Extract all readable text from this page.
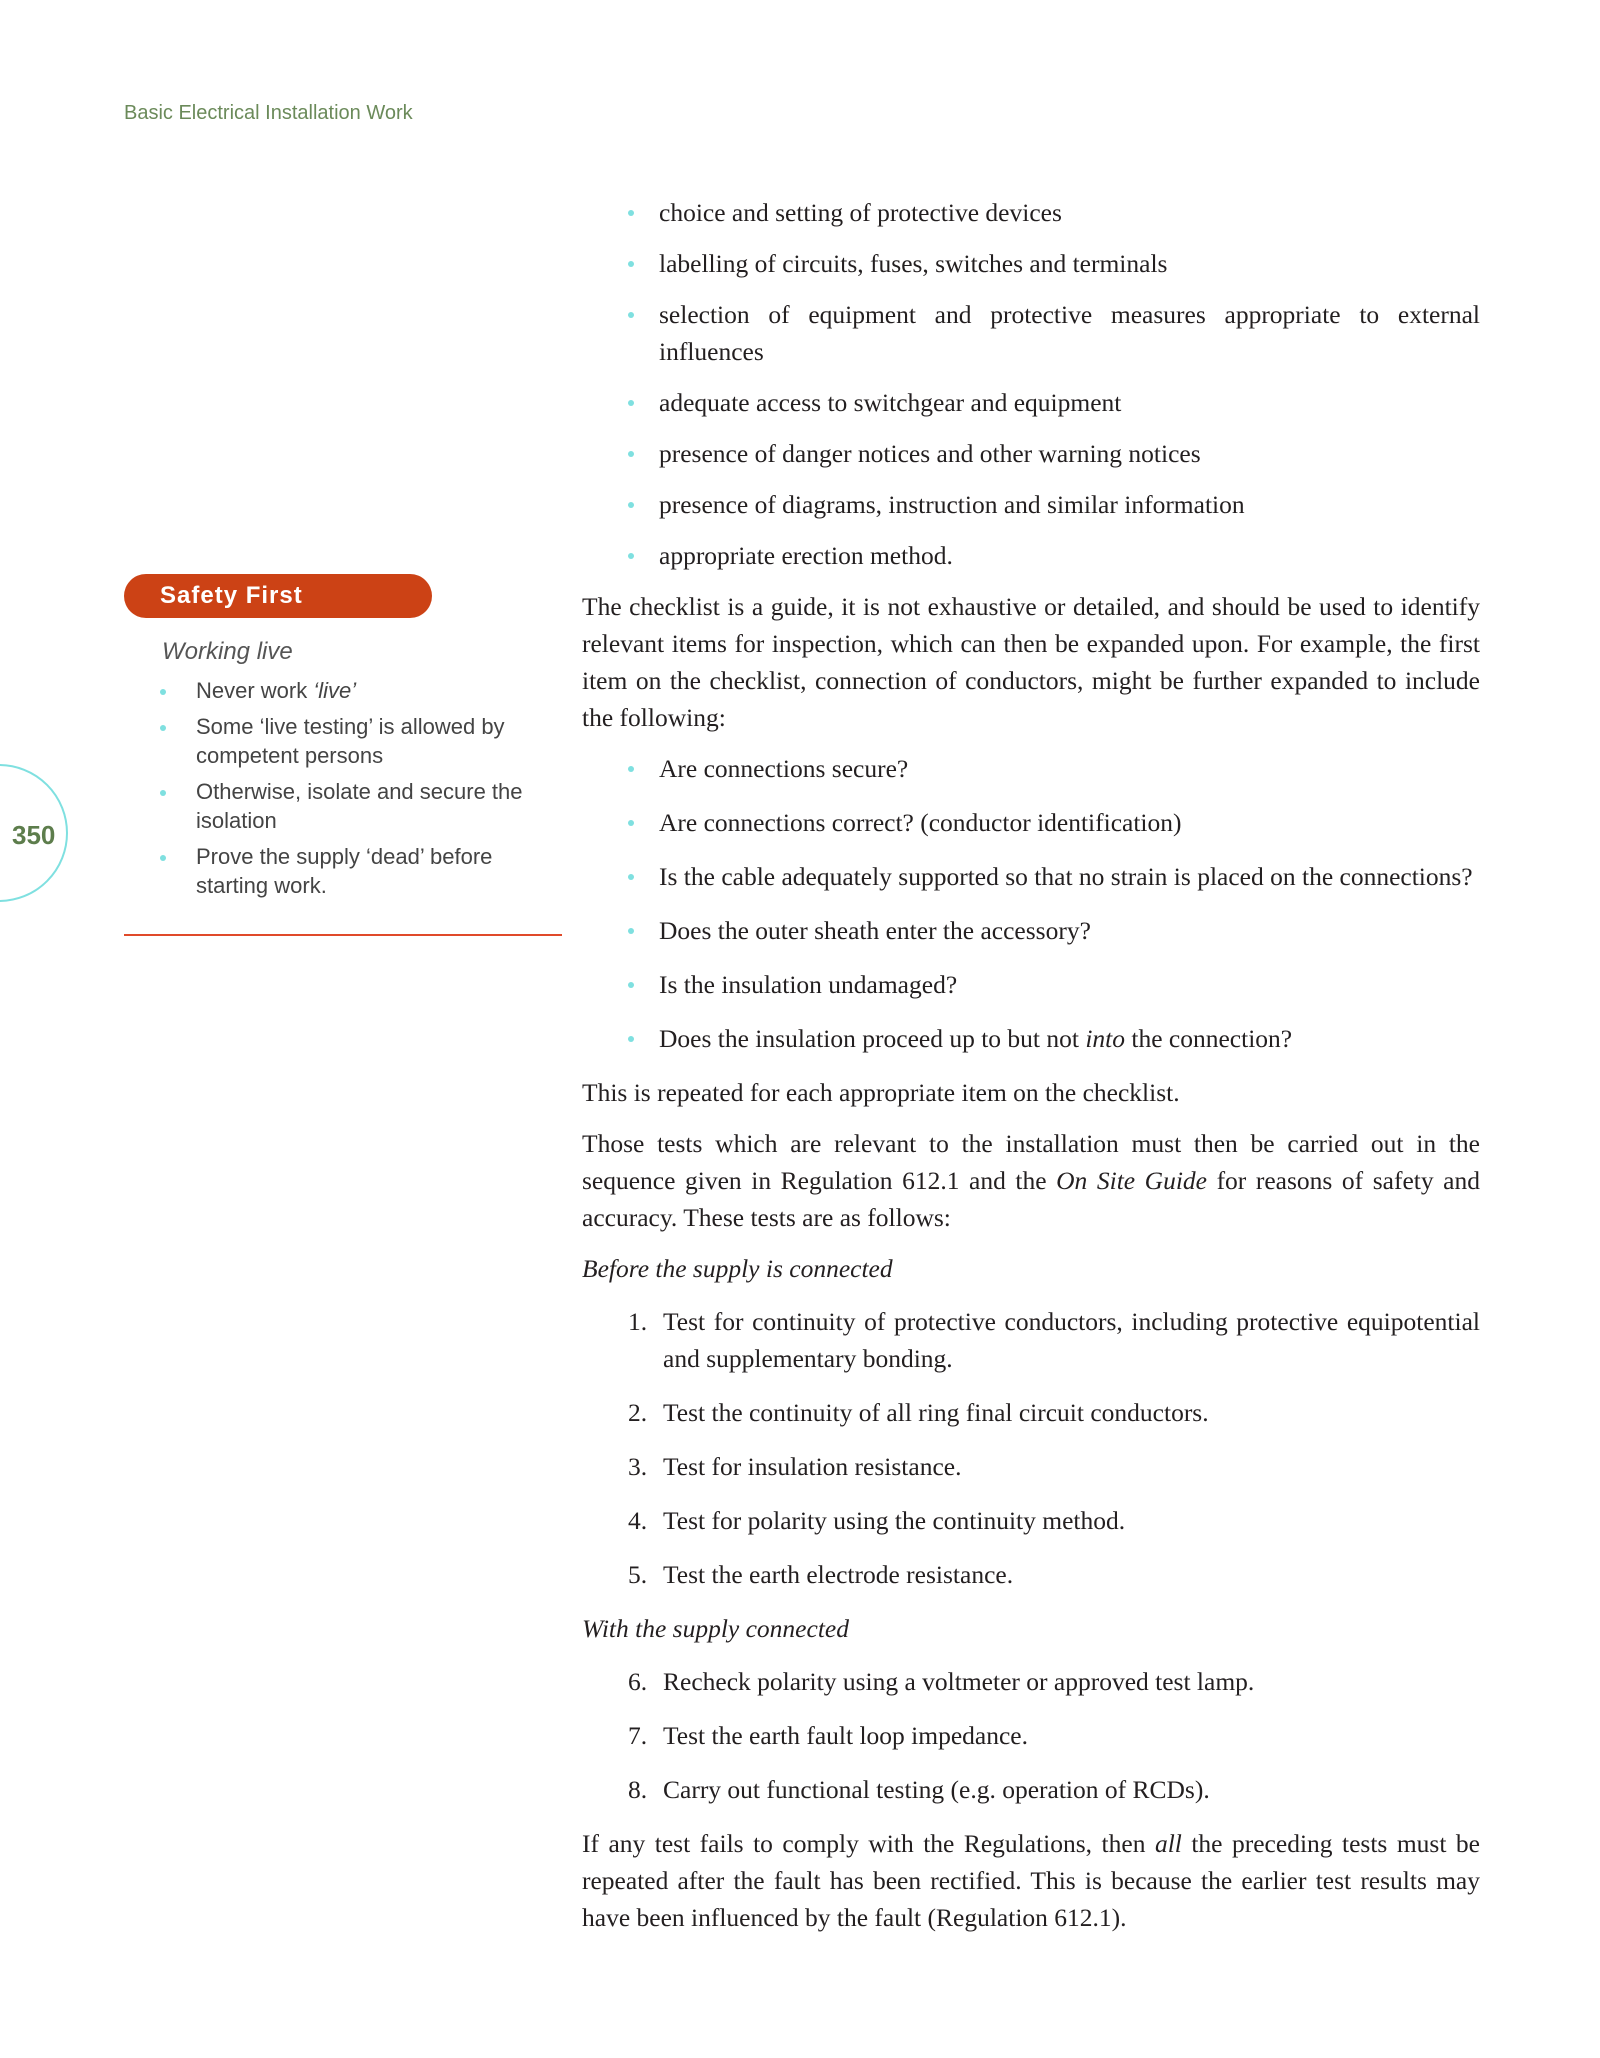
Basic Electrical Installation Work
350
Safety First
Working live
Never work ‘live’
Some ‘live testing’ is allowed by competent persons
Otherwise, isolate and secure the isolation
Prove the supply ‘dead’ before starting work.
choice and setting of protective devices
labelling of circuits, fuses, switches and terminals
selection of equipment and protective measures appropriate to external influences
adequate access to switchgear and equipment
presence of danger notices and other warning notices
presence of diagrams, instruction and similar information
appropriate erection method.

The checklist is a guide, it is not exhaustive or detailed, and should be used to identify relevant items for inspection, which can then be expanded upon. For example, the first item on the checklist, connection of conductors, might be further expanded to include the following:

Are connections secure?
Are connections correct? (conductor identification)
Is the cable adequately supported so that no strain is placed on the connections?
Does the outer sheath enter the accessory?
Is the insulation undamaged?
Does the insulation proceed up to but not into the connection?

This is repeated for each appropriate item on the checklist.

Those tests which are relevant to the installation must then be carried out in the sequence given in Regulation 612.1 and the On Site Guide for reasons of safety and accuracy. These tests are as follows:

Before the supply is connected
1. Test for continuity of protective conductors, including protective equipotential and supplementary bonding.
2. Test the continuity of all ring final circuit conductors.
3. Test for insulation resistance.
4. Test for polarity using the continuity method.
5. Test the earth electrode resistance.
With the supply connected
6. Recheck polarity using a voltmeter or approved test lamp.
7. Test the earth fault loop impedance.
8. Carry out functional testing (e.g. operation of RCDs).

If any test fails to comply with the Regulations, then all the preceding tests must be repeated after the fault has been rectified. This is because the earlier test results may have been influenced by the fault (Regulation 612.1).
